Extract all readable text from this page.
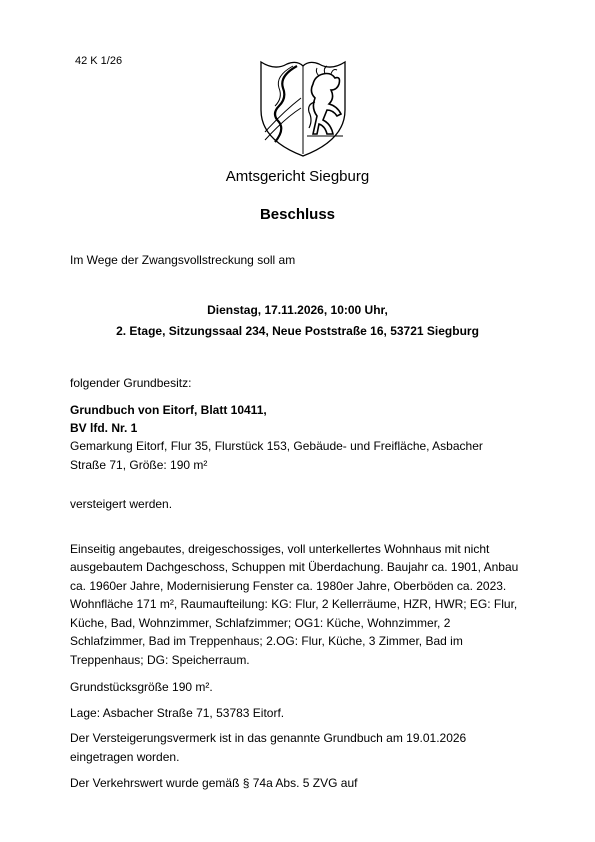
42 K 1/26
Amtsgericht Siegburg
Beschluss
Im Wege der Zwangsvollstreckung soll am
Dienstag, 17.11.2026, 10:00 Uhr,
2. Etage, Sitzungssaal 234, Neue Poststraße 16, 53721 Siegburg
folgender Grundbesitz:
Grundbuch von Eitorf, Blatt 10411,
BV lfd. Nr. 1
Gemarkung Eitorf, Flur 35, Flurstück 153, Gebäude- und Freifläche, Asbacher
Straße 71, Größe: 190 m²
versteigert werden.
Einseitig angebautes, dreigeschossiges, voll unterkellertes Wohnhaus mit nicht
ausgebautem Dachgeschoss, Schuppen mit Überdachung. Baujahr ca. 1901, Anbau
ca. 1960er Jahre, Modernisierung Fenster ca. 1980er Jahre, Oberböden ca. 2023.
Wohnfläche 171 m², Raumaufteilung: KG: Flur, 2 Kellerräume, HZR, HWR; EG: Flur,
Küche, Bad, Wohnzimmer, Schlafzimmer; OG1: Küche, Wohnzimmer, 2
Schlafzimmer, Bad im Treppenhaus; 2.OG: Flur, Küche, 3 Zimmer, Bad im
Treppenhaus; DG: Speicherraum.
Grundstücksgröße 190 m².
Lage: Asbacher Straße 71, 53783 Eitorf.
Der Versteigerungsvermerk ist in das genannte Grundbuch am 19.01.2026
eingetragen worden.
Der Verkehrswert wurde gemäß § 74a Abs. 5 ZVG auf
